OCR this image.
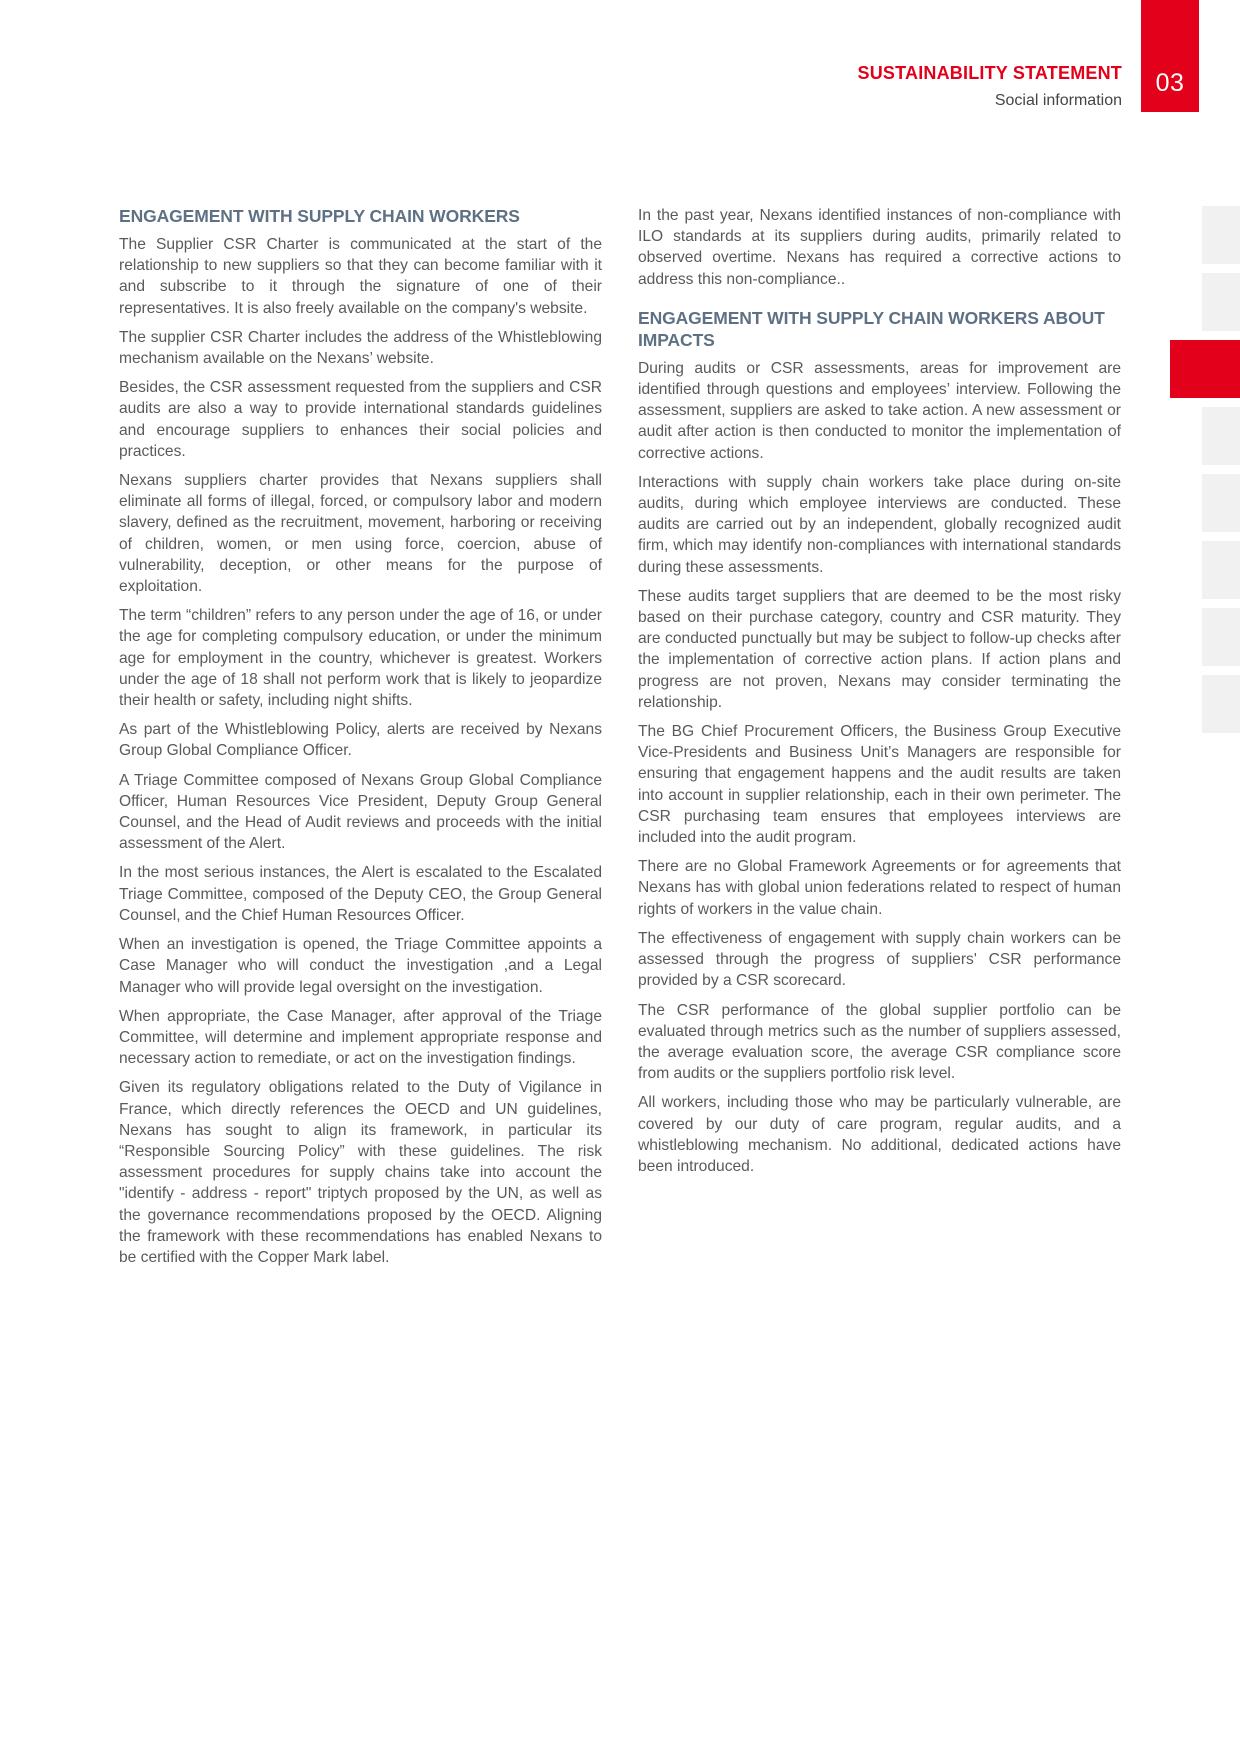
SUSTAINABILITY STATEMENT
Social information
03
ENGAGEMENT WITH SUPPLY CHAIN WORKERS

The Supplier CSR Charter is communicated at the start of the relationship to new suppliers so that they can become familiar with it and subscribe to it through the signature of one of their representatives. It is also freely available on the company's website.

The supplier CSR Charter includes the address of the Whistleblowing mechanism available on the Nexans’ website.

Besides, the CSR assessment requested from the suppliers and CSR audits are also a way to provide international standards guidelines and encourage suppliers to enhances their social policies and practices.

Nexans suppliers charter provides that Nexans suppliers shall eliminate all forms of illegal, forced, or compulsory labor and modern slavery, defined as the recruitment, movement, harboring or receiving of children, women, or men using force, coercion, abuse of vulnerability, deception, or other means for the purpose of exploitation.

The term “children” refers to any person under the age of 16, or under the age for completing compulsory education, or under the minimum age for employment in the country, whichever is greatest. Workers under the age of 18 shall not perform work that is likely to jeopardize their health or safety, including night shifts.

As part of the Whistleblowing Policy, alerts are received by Nexans Group Global Compliance Officer.

A Triage Committee composed of Nexans Group Global Compliance Officer, Human Resources Vice President, Deputy Group General Counsel, and the Head of Audit reviews and proceeds with the initial assessment of the Alert.

In the most serious instances, the Alert is escalated to the Escalated Triage Committee, composed of the Deputy CEO, the Group General Counsel, and the Chief Human Resources Officer.

When an investigation is opened, the Triage Committee appoints a Case Manager who will conduct the investigation ,and a Legal Manager who will provide legal oversight on the investigation.

When appropriate, the Case Manager, after approval of the Triage Committee, will determine and implement appropriate response and necessary action to remediate, or act on the investigation findings.

Given its regulatory obligations related to the Duty of Vigilance in France, which directly references the OECD and UN guidelines, Nexans has sought to align its framework, in particular its “Responsible Sourcing Policy” with these guidelines. The risk assessment procedures for supply chains take into account the "identify - address - report" triptych proposed by the UN, as well as the governance recommendations proposed by the OECD. Aligning the framework with these recommendations has enabled Nexans to be certified with the Copper Mark label.

In the past year, Nexans identified instances of non-compliance with ILO standards at its suppliers during audits, primarily related to observed overtime. Nexans has required a corrective actions to address this non-compliance..

ENGAGEMENT WITH SUPPLY CHAIN WORKERS ABOUT IMPACTS

During audits or CSR assessments, areas for improvement are identified through questions and employees’ interview. Following the assessment, suppliers are asked to take action. A new assessment or audit after action is then conducted to monitor the implementation of corrective actions.

Interactions with supply chain workers take place during on-site audits, during which employee interviews are conducted. These audits are carried out by an independent, globally recognized audit firm, which may identify non-compliances with international standards during these assessments.

These audits target suppliers that are deemed to be the most risky based on their purchase category, country and CSR maturity. They are conducted punctually but may be subject to follow-up checks after the implementation of corrective action plans. If action plans and progress are not proven, Nexans may consider terminating the relationship.

The BG Chief Procurement Officers, the Business Group Executive Vice-Presidents and Business Unit’s Managers are responsible for ensuring that engagement happens and the audit results are taken into account in supplier relationship, each in their own perimeter. The CSR purchasing team ensures that employees interviews are included into the audit program.

There are no Global Framework Agreements or for agreements that Nexans has with global union federations related to respect of human rights of workers in the value chain.

The effectiveness of engagement with supply chain workers can be assessed through the progress of suppliers' CSR performance provided by a CSR scorecard.

The CSR performance of the global supplier portfolio can be evaluated through metrics such as the number of suppliers assessed, the average evaluation score, the average CSR compliance score from audits or the suppliers portfolio risk level.

All workers, including those who may be particularly vulnerable, are covered by our duty of care program, regular audits, and a whistleblowing mechanism. No additional, dedicated actions have been introduced.
